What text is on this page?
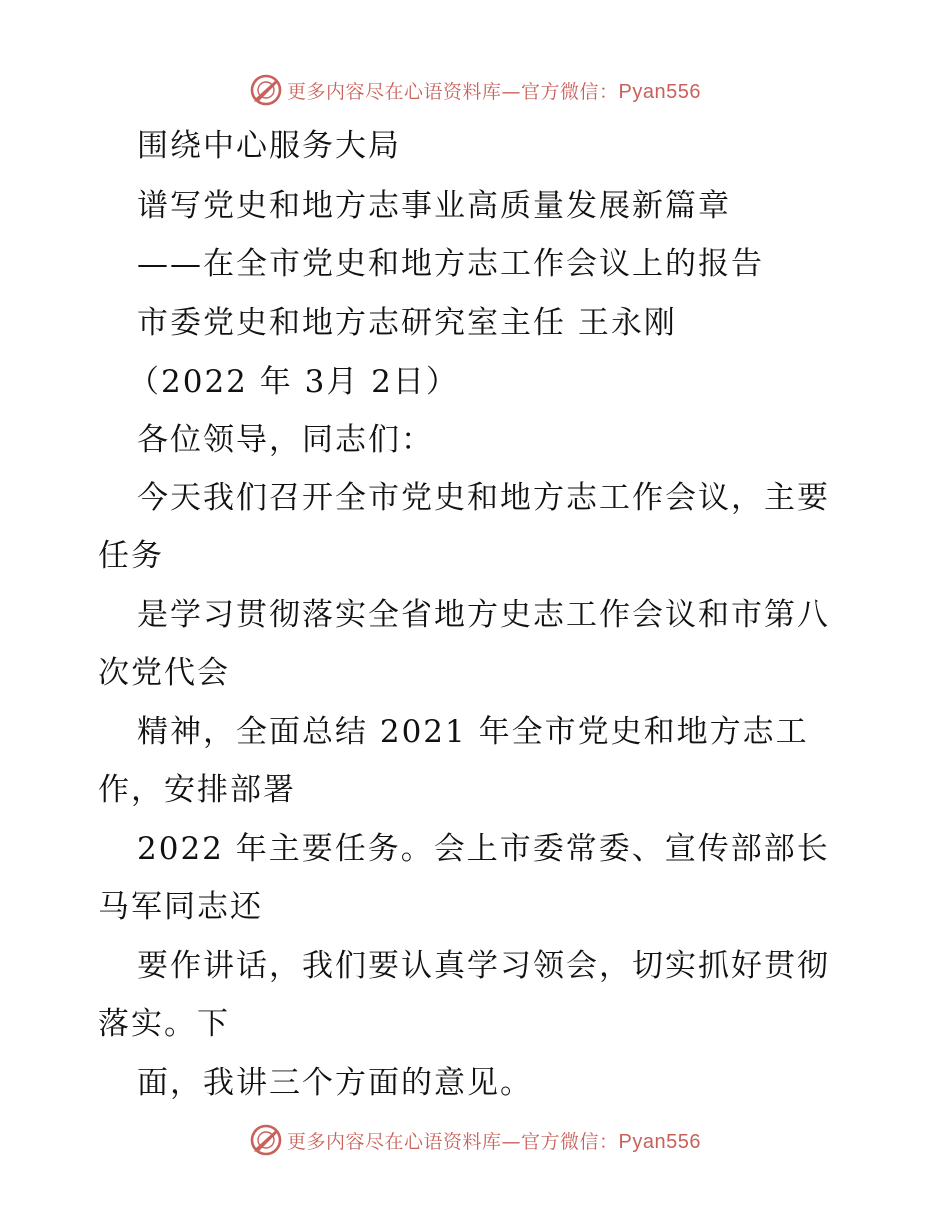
更多内容尽在心语资料库—官方微信：Pyan556
围绕中心服务大局
谱写党史和地方志事业高质量发展新篇章
——在全市党史和地方志工作会议上的报告
市委党史和地方志研究室主任 王永刚
（2022 年 3月 2日）
各位领导，同志们：
今天我们召开全市党史和地方志工作会议，主要
任务
是学习贯彻落实全省地方史志工作会议和市第八
次党代会
精神，全面总结 2021 年全市党史和地方志工
作，安排部署
2022 年主要任务。会上市委常委、宣传部部长
马军同志还
要作讲话，我们要认真学习领会，切实抓好贯彻
落实。下
面，我讲三个方面的意见。
更多内容尽在心语资料库—官方微信：Pyan556
